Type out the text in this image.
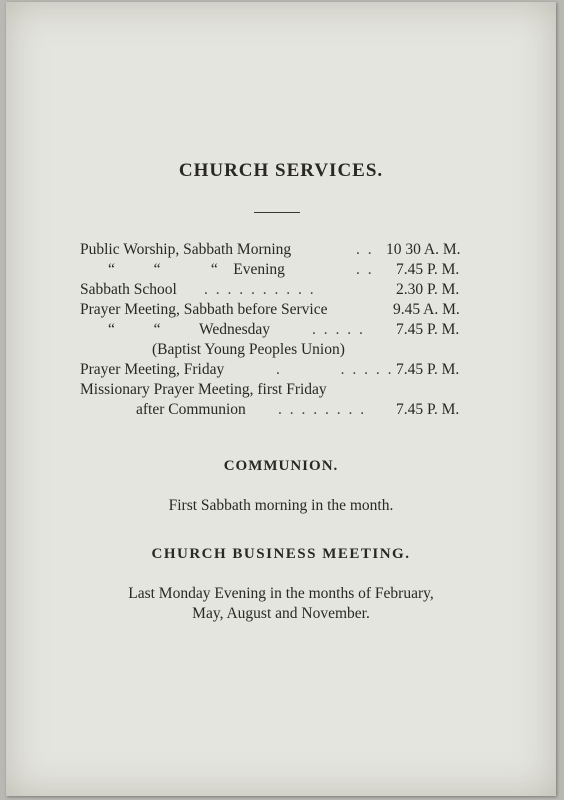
CHURCH SERVICES.
Public Worship, Sabbath Morning	. . 10 30 A. M.
“          “             “    Evening	. . 7.45 P. M.
Sabbath School . . . . . . . . . .	2.30 P. M.
Prayer Meeting, Sabbath before Service	9.45 A. M.
“          “          Wednesday	. . . . . 7.45 P. M.
(Baptist Young Peoples Union)
Prayer Meeting, Friday	.          . . . . . 7.45 P. M.
Missionary Prayer Meeting, first Friday
after Communion . . . . . . . . 7.45 P. M.
COMMUNION.
First Sabbath morning in the month.
CHURCH BUSINESS MEETING.
Last Monday Evening in the months of February,
May, August and November.
